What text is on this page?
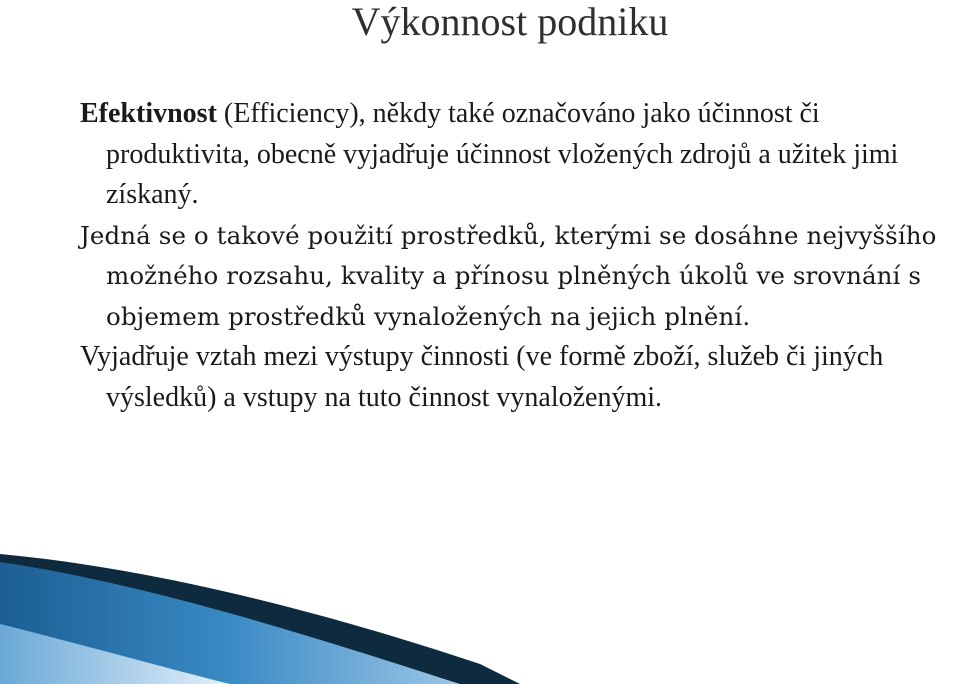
Výkonnost podniku

Efektivnost (Efficiency), někdy také označováno jako účinnost či produktivita, obecně vyjadřuje účinnost vložených zdrojů a užitek jimi získaný.

Jedná se o takové použití prostředků, kterými se dosáhne nejvyššího možného rozsahu, kvality a přínosu plněných úkolů ve srovnání s objemem prostředků vynaložených na jejich plnění.

Vyjadřuje vztah mezi výstupy činnosti (ve formě zboží, služeb či jiných výsledků) a vstupy na tuto činnost vynaloženými.
